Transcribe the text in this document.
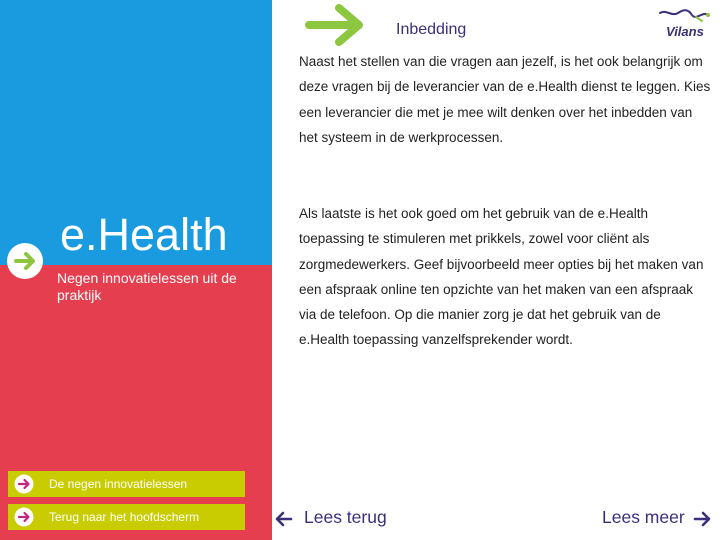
e.Health
Negen innovatielessen uit de praktijk
De negen innovatielessen
Terug naar het hoofdscherm
Inbedding	Vilans

Naast het stellen van die vragen aan jezelf, is het ook belangrijk om deze vragen bij de leverancier van de e.Health dienst te leggen. Kies een leverancier die met je mee wilt denken over het inbedden van het systeem in de werkprocessen.

Als laatste is het ook goed om het gebruik van de e.Health toepassing te stimuleren met prikkels, zowel voor cliënt als zorgmedewerkers. Geef bijvoorbeeld meer opties bij het maken van een afspraak online ten opzichte van het maken van een afspraak via de telefoon. Op die manier zorg je dat het gebruik van de e.Health toepassing vanzelfsprekender wordt.

Lees terug	Lees meer
